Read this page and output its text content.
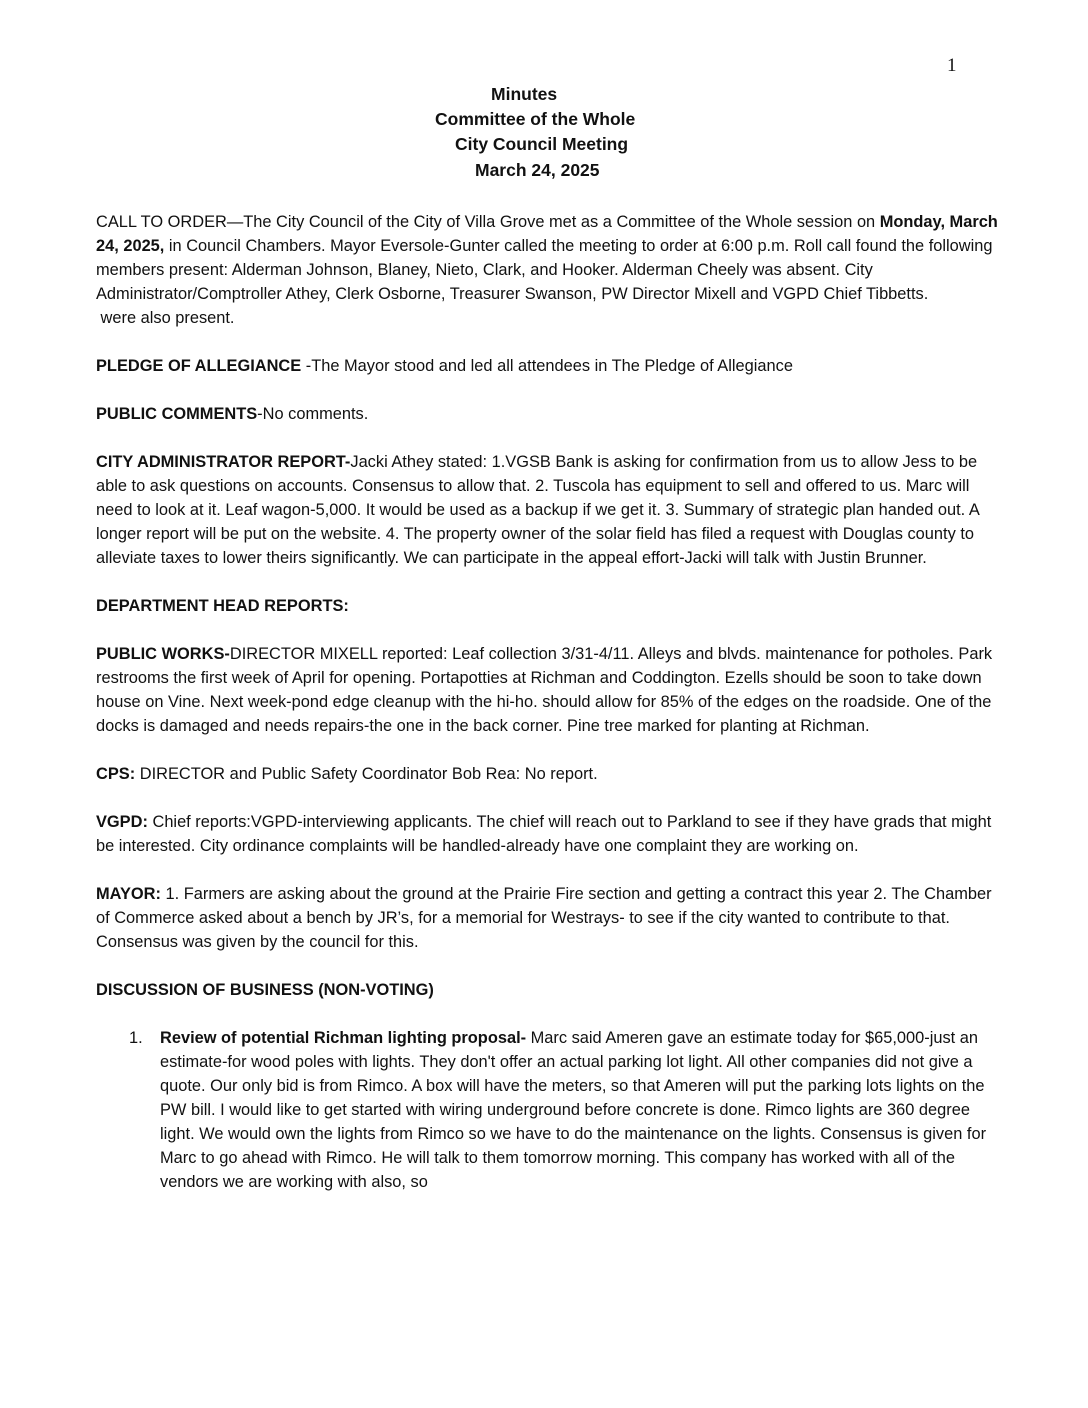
1
Minutes
Committee of the Whole
City Council Meeting
March 24, 2025

CALL TO ORDER—The City Council of the City of Villa Grove met as a Committee of the Whole session on Monday, March 24, 2025, in Council Chambers. Mayor Eversole-Gunter called the meeting to order at 6:00 p.m. Roll call found the following members present: Alderman Johnson, Blaney, Nieto, Clark, and Hooker. Alderman Cheely was absent. City Administrator/Comptroller Athey, Clerk Osborne, Treasurer Swanson, PW Director Mixell and VGPD Chief Tibbetts.

were also present.

PLEDGE OF ALLEGIANCE -The Mayor stood and led all attendees in The Pledge of Allegiance

PUBLIC COMMENTS-No comments.

CITY ADMINISTRATOR REPORT-Jacki Athey stated: 1.VGSB Bank is asking for confirmation from us to allow Jess to be able to ask questions on accounts. Consensus to allow that. 2. Tuscola has equipment to sell and offered to us. Marc will need to look at it. Leaf wagon-5,000. It would be used as a backup if we get it. 3. Summary of strategic plan handed out. A longer report will be put on the website. 4. The property owner of the solar field has filed a request with Douglas county to alleviate taxes to lower theirs significantly. We can participate in the appeal effort-Jacki will talk with Justin Brunner.

DEPARTMENT HEAD REPORTS:

PUBLIC WORKS-DIRECTOR MIXELL reported: Leaf collection 3/31-4/11. Alleys and blvds. maintenance for potholes. Park restrooms the first week of April for opening. Portapotties at Richman and Coddington. Ezells should be soon to take down house on Vine. Next week-pond edge cleanup with the hi-ho. should allow for 85% of the edges on the roadside. One of the docks is damaged and needs repairs-the one in the back corner. Pine tree marked for planting at Richman.

CPS: DIRECTOR and Public Safety Coordinator Bob Rea: No report.

VGPD: Chief reports:VGPD-interviewing applicants. The chief will reach out to Parkland to see if they have grads that might be interested. City ordinance complaints will be handled-already have one complaint they are working on.

MAYOR: 1. Farmers are asking about the ground at the Prairie Fire section and getting a contract this year 2. The Chamber of Commerce asked about a bench by JR’s, for a memorial for Westrays- to see if the city wanted to contribute to that. Consensus was given by the council for this.

DISCUSSION OF BUSINESS (NON-VOTING)

1. Review of potential Richman lighting proposal- Marc said Ameren gave an estimate today for $65,000-just an estimate-for wood poles with lights. They don't offer an actual parking lot light. All other companies did not give a quote. Our only bid is from Rimco. A box will have the meters, so that Ameren will put the parking lots lights on the PW bill. I would like to get started with wiring underground before concrete is done. Rimco lights are 360 degree light. We would own the lights from Rimco so we have to do the maintenance on the lights. Consensus is given for Marc to go ahead with Rimco. He will talk to them tomorrow morning. This company has worked with all of the vendors we are working with also, so
